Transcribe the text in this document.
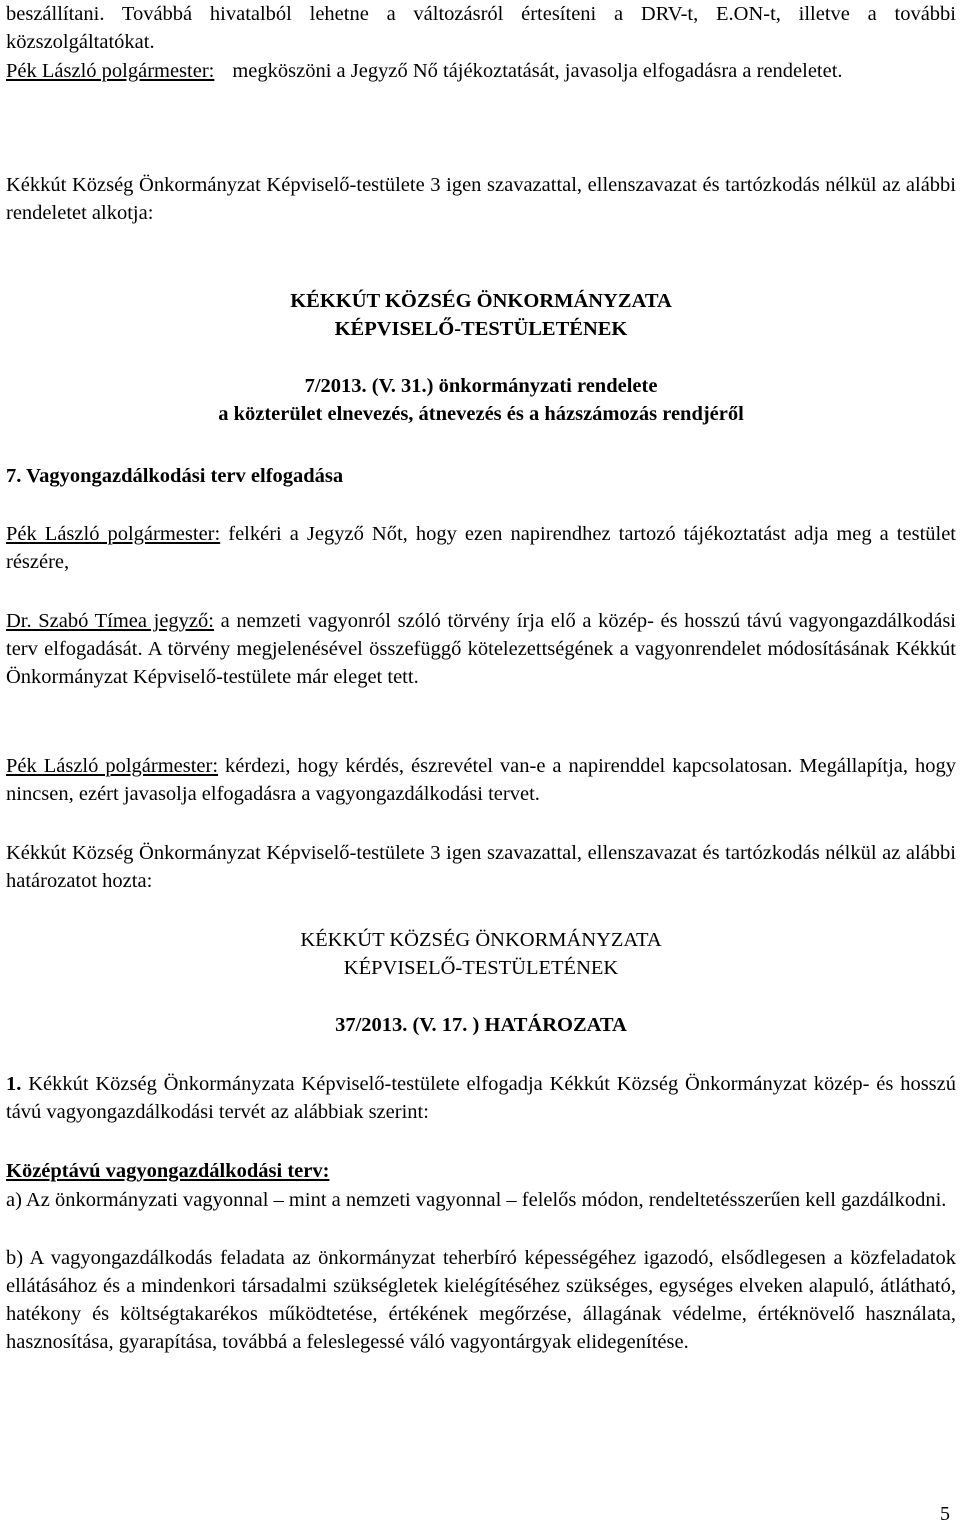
beszállítani. Továbbá hivatalból lehetne a változásról értesíteni a DRV-t, E.ON-t, illetve a további közszolgáltatókat.

Pék László polgármester: megköszöni a Jegyző Nő tájékoztatását, javasolja elfogadásra a rendeletet.

Kékkút Község Önkormányzat Képviselő-testülete 3 igen szavazattal, ellenszavazat és tartózkodás nélkül az alábbi rendeletet alkotja:

KÉKKÚT KÖZSÉG ÖNKORMÁNYZATA
KÉPVISELŐ-TESTÜLETÉNEK
7/2013. (V. 31.) önkormányzati rendelete
a közterület elnevezés, átnevezés és a házszámozás rendjéről
7. Vagyongazdálkodási terv elfogadása

Pék László polgármester: felkéri a Jegyző Nőt, hogy ezen napirendhez tartozó tájékoztatást adja meg a testület részére,

Dr. Szabó Tímea jegyző: a nemzeti vagyonról szóló törvény írja elő a közép- és hosszú távú vagyongazdálkodási terv elfogadását. A törvény megjelenésével összefüggő kötelezettségének a vagyonrendelet módosításának Kékkút Önkormányzat Képviselő-testülete már eleget tett.

Pék László polgármester: kérdezi, hogy kérdés, észrevétel van-e a napirenddel kapcsolatosan. Megállapítja, hogy nincsen, ezért javasolja elfogadásra a vagyongazdálkodási tervet.

Kékkút Község Önkormányzat Képviselő-testülete 3 igen szavazattal, ellenszavazat és tartózkodás nélkül az alábbi határozatot hozta:

KÉKKÚT KÖZSÉG ÖNKORMÁNYZATA
KÉPVISELŐ-TESTÜLETÉNEK
37/2013. (V. 17. ) HATÁROZATA

1. Kékkút Község Önkormányzata Képviselő-testülete elfogadja Kékkút Község Önkormányzat közép- és hosszú távú vagyongazdálkodási tervét az alábbiak szerint:

Középtávú vagyongazdálkodási terv:

a) Az önkormányzati vagyonnal – mint a nemzeti vagyonnal – felelős módon, rendeltetésszerűen kell gazdálkodni.

b) A vagyongazdálkodás feladata az önkormányzat teherbíró képességéhez igazodó, elsődlegesen a közfeladatok ellátásához és a mindenkori társadalmi szükségletek kielégítéséhez szükséges, egységes elveken alapuló, átlátható, hatékony és költségtakarékos működtetése, értékének megőrzése, állagának védelme, értéknövelő használata, hasznosítása, gyarapítása, továbbá a feleslegessé váló vagyontárgyak elidegenítése.

5
